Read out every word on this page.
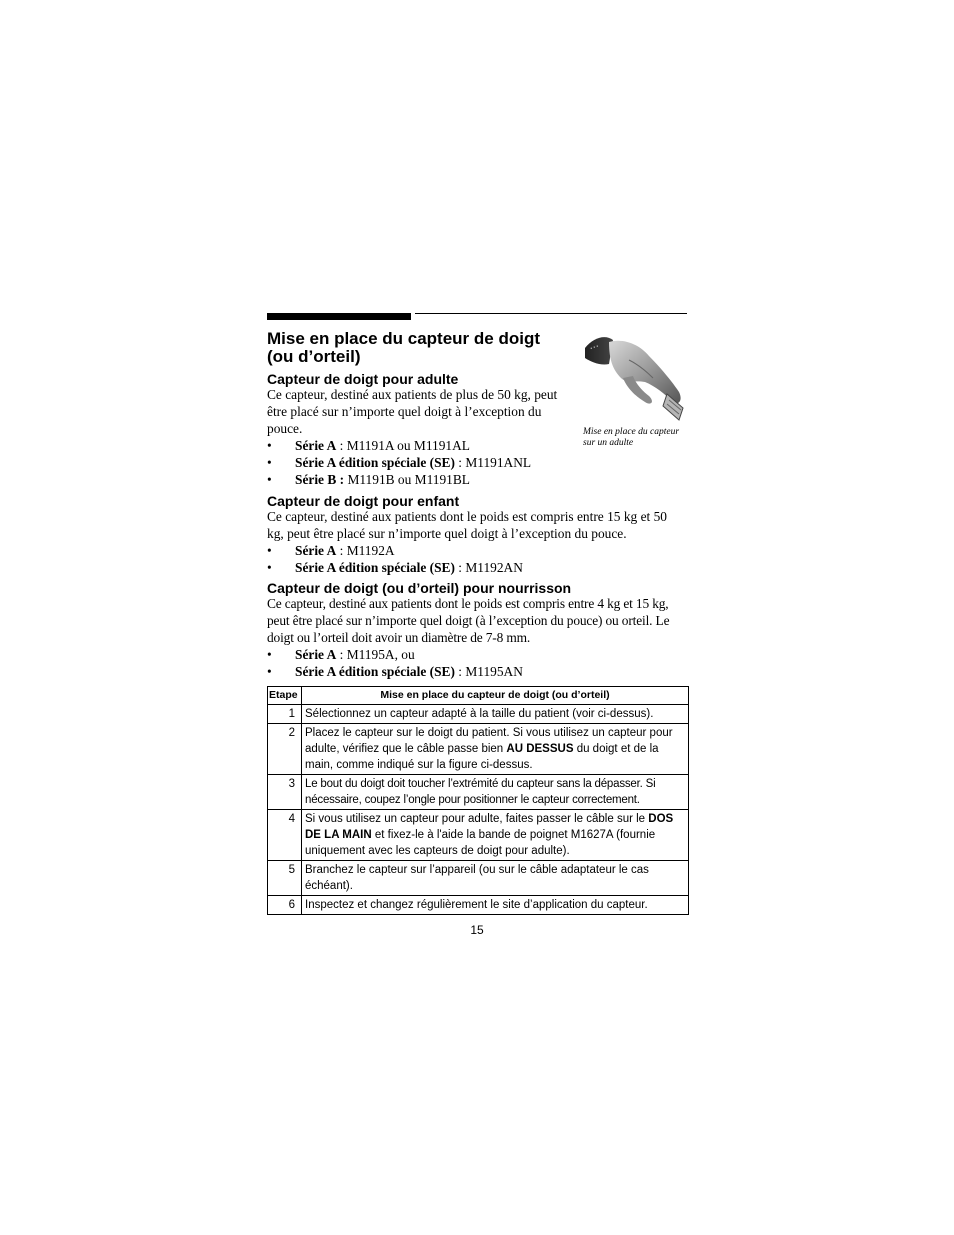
Mise en place du capteur de doigt
(ou d’orteil)	▪ ▪ ▪
Mise en place du capteur sur un adulte
Capteur de doigt pour adulte
Ce capteur, destiné aux patients de plus de 50 kg, peut être placé sur n’importe quel doigt à l’exception du pouce.
• Série A : M1191A ou M1191AL
• Série A édition spéciale (SE) : M1191ANL
• Série B : M1191B ou M1191BL
Capteur de doigt pour enfant
Ce capteur, destiné aux patients dont le poids est compris entre 15 kg et 50 kg, peut être placé sur n’importe quel doigt à l’exception du pouce.
• Série A : M1192A
• Série A édition spéciale (SE) : M1192AN
Capteur de doigt (ou d’orteil) pour nourrisson
Ce capteur, destiné aux patients dont le poids est compris entre 4 kg et 15 kg, peut être placé sur n’importe quel doigt (à l’exception du pouce) ou orteil. Le doigt ou l’orteil doit avoir un diamètre de 7-8 mm.
• Série A : M1195A, ou
• Série A édition spéciale (SE) : M1195AN
Etape	Mise en place du capteur de doigt (ou d’orteil)
1	Sélectionnez un capteur adapté à la taille du patient (voir ci-dessus).
2	Placez le capteur sur le doigt du patient. Si vous utilisez un capteur pour adulte, vérifiez que le câble passe bien AU DESSUS du doigt et de la main, comme indiqué sur la figure ci-dessus.
3	Le bout du doigt doit toucher l’extrémité du capteur sans la dépasser. Si nécessaire, coupez l’ongle pour positionner le capteur correctement.
4	Si vous utilisez un capteur pour adulte, faites passer le câble sur le DOS DE LA MAIN et fixez-le à l'aide la bande de poignet M1627A (fournie uniquement avec les capteurs de doigt pour adulte).
5	Branchez le capteur sur l’appareil (ou sur le câble adaptateur le cas échéant).
6	Inspectez et changez régulièrement le site d’application du capteur.
15
